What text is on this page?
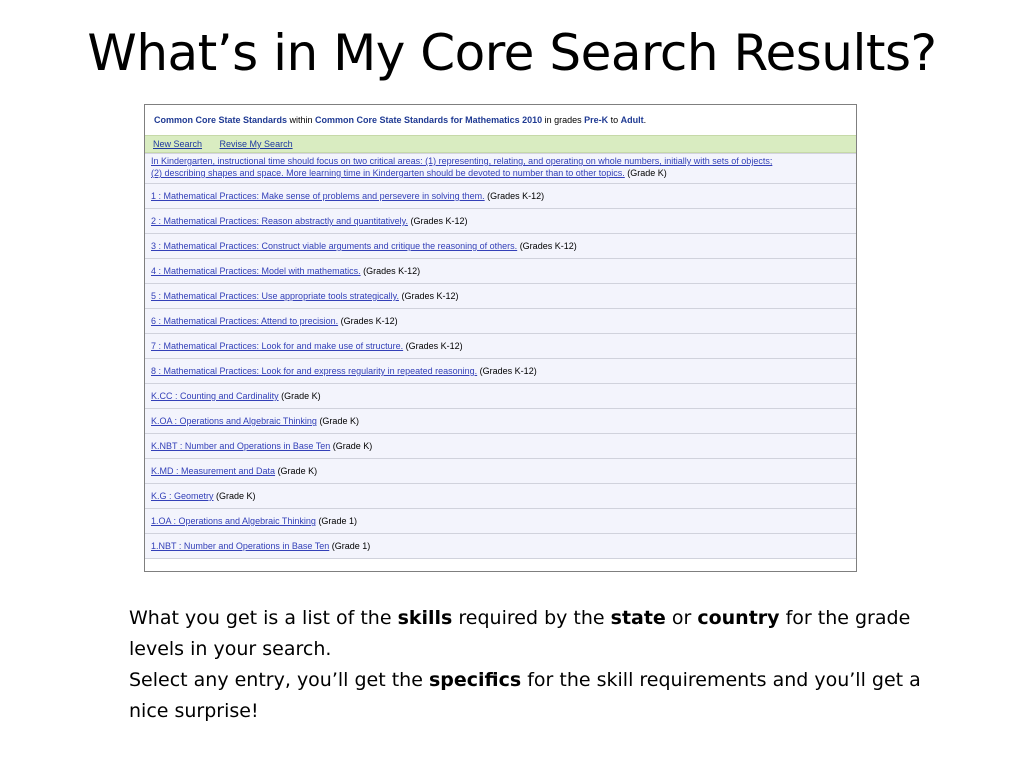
What’s in My Core Search Results?
Common Core State Standards within Common Core State Standards for Mathematics 2010 in grades Pre-K to Adult.
New Search Revise My Search
In Kindergarten, instructional time should focus on two critical areas: (1) representing, relating, and operating on whole numbers, initially with sets of objects;
(2) describing shapes and space. More learning time in Kindergarten should be devoted to number than to other topics. (Grade K)
1 : Mathematical Practices: Make sense of problems and persevere in solving them. (Grades K-12)
2 : Mathematical Practices: Reason abstractly and quantitatively. (Grades K-12)
3 : Mathematical Practices: Construct viable arguments and critique the reasoning of others. (Grades K-12)
4 : Mathematical Practices: Model with mathematics. (Grades K-12)
5 : Mathematical Practices: Use appropriate tools strategically. (Grades K-12)
6 : Mathematical Practices: Attend to precision. (Grades K-12)
7 : Mathematical Practices: Look for and make use of structure. (Grades K-12)
8 : Mathematical Practices: Look for and express regularity in repeated reasoning. (Grades K-12)
K.CC : Counting and Cardinality (Grade K)
K.OA : Operations and Algebraic Thinking (Grade K)
K.NBT : Number and Operations in Base Ten (Grade K)
K.MD : Measurement and Data (Grade K)
K.G : Geometry (Grade K)
1.OA : Operations and Algebraic Thinking (Grade 1)
1.NBT : Number and Operations in Base Ten (Grade 1)

What you get is a list of the skills required by the state or country for the grade levels in your search.

Select any entry, you’ll get the specifics for the skill requirements and you’ll get a nice surprise!
